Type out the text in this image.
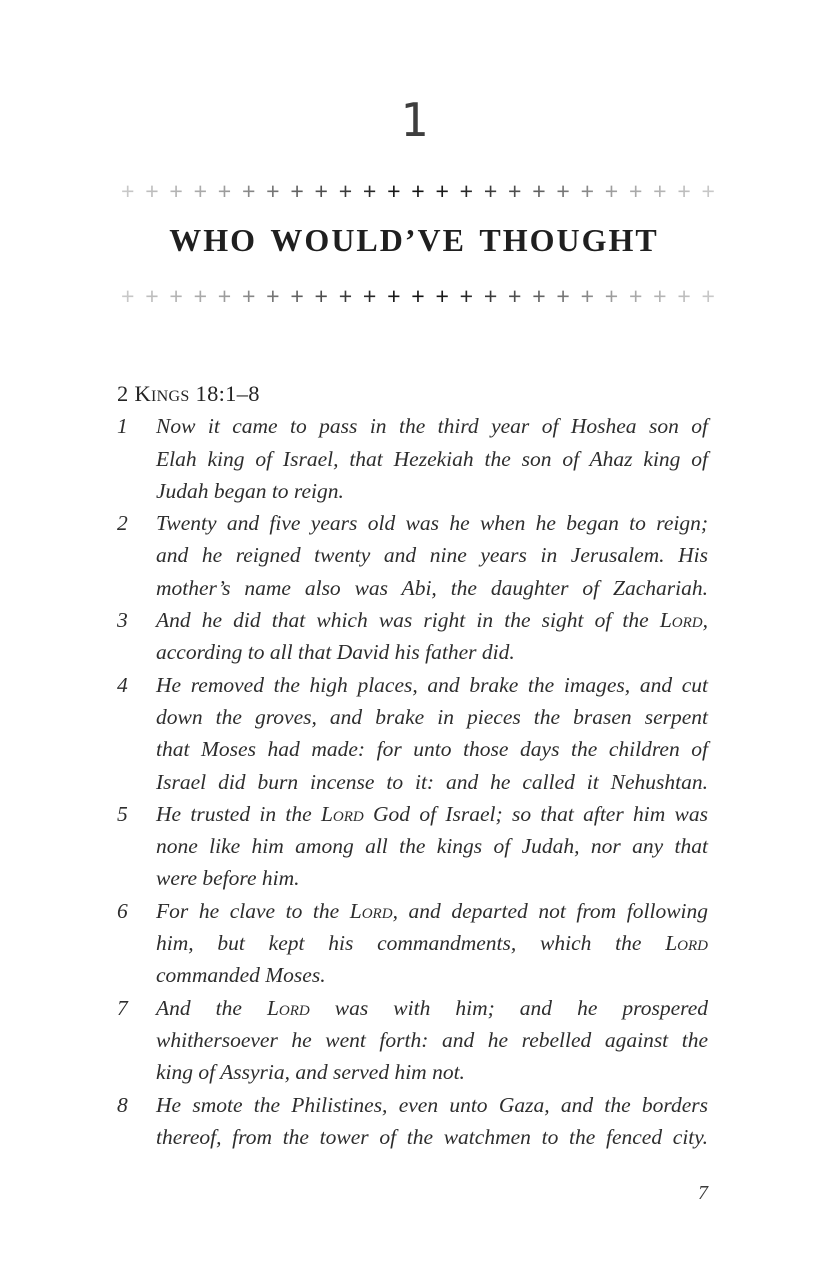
1
+ + + + + + + + + + + + + + + + + + + + + + + + +
WHO WOULD’VE THOUGHT
+ + + + + + + + + + + + + + + + + + + + + + + + +
2 Kings 18:1–8
1	Now it came to pass in the third year of Hoshea son of
Elah king of Israel, that Hezekiah the son of Ahaz king of
Judah began to reign.
2	Twenty and five years old was he when he began to reign;
and he reigned twenty and nine years in Jerusalem. His
mother’s name also was Abi, the daughter of Zachariah.
3	And he did that which was right in the sight of the Lord,
according to all that David his father did.
4	He removed the high places, and brake the images, and cut
down the groves, and brake in pieces the brasen serpent
that Moses had made: for unto those days the children of
Israel did burn incense to it: and he called it Nehushtan.
5	He trusted in the Lord God of Israel; so that after him was
none like him among all the kings of Judah, nor any that
were before him.
6	For he clave to the Lord, and departed not from following
him, but kept his commandments, which the Lord
commanded Moses.
7	And the Lord was with him; and he prospered
whithersoever he went forth: and he rebelled against the
king of Assyria, and served him not.
8	He smote the Philistines, even unto Gaza, and the borders
thereof, from the tower of the watchmen to the fenced city.
7
